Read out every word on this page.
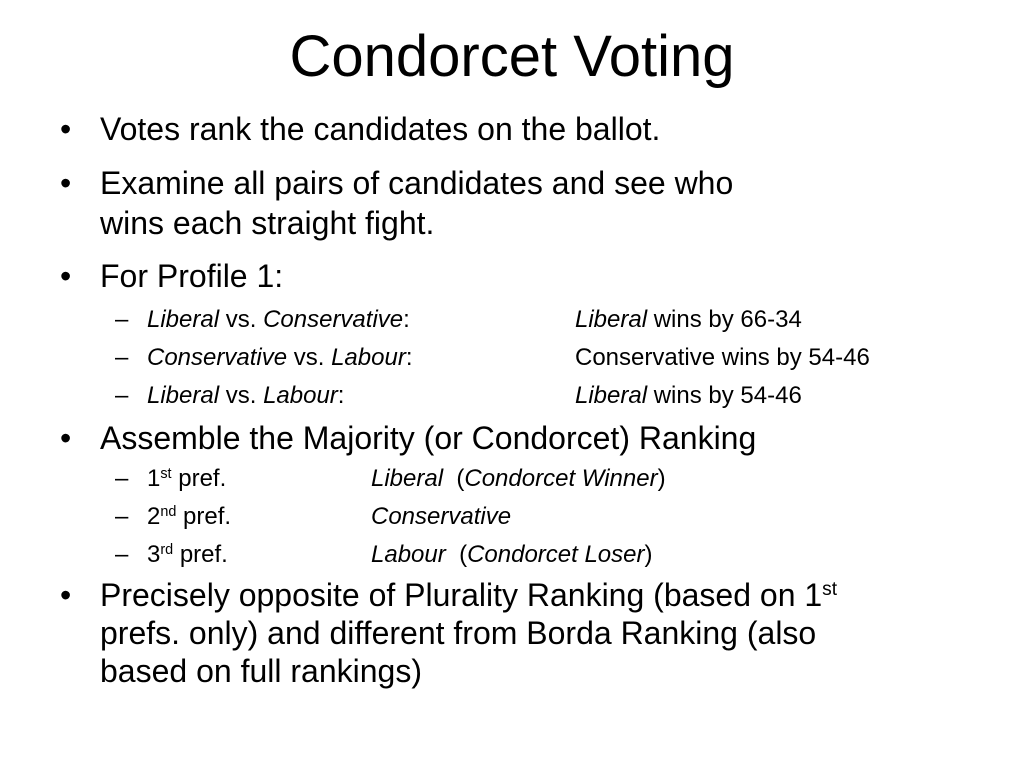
Condorcet Voting
• Votes rank the candidates on the ballot.
• Examine all pairs of candidates and see who
wins each straight fight.
• For Profile 1:
– Liberal vs. Conservative:	Liberal wins by 66-34
– Conservative vs. Labour:	Conservative wins by 54-46
– Liberal vs. Labour:	Liberal wins by 54-46
• Assemble the Majority (or Condorcet) Ranking
– 1st pref.	Liberal  (Condorcet Winner)
– 2nd pref.	Conservative
– 3rd pref.	Labour  (Condorcet Loser)
• Precisely opposite of Plurality Ranking (based on 1st
prefs. only) and different from Borda Ranking (also
based on full rankings)
